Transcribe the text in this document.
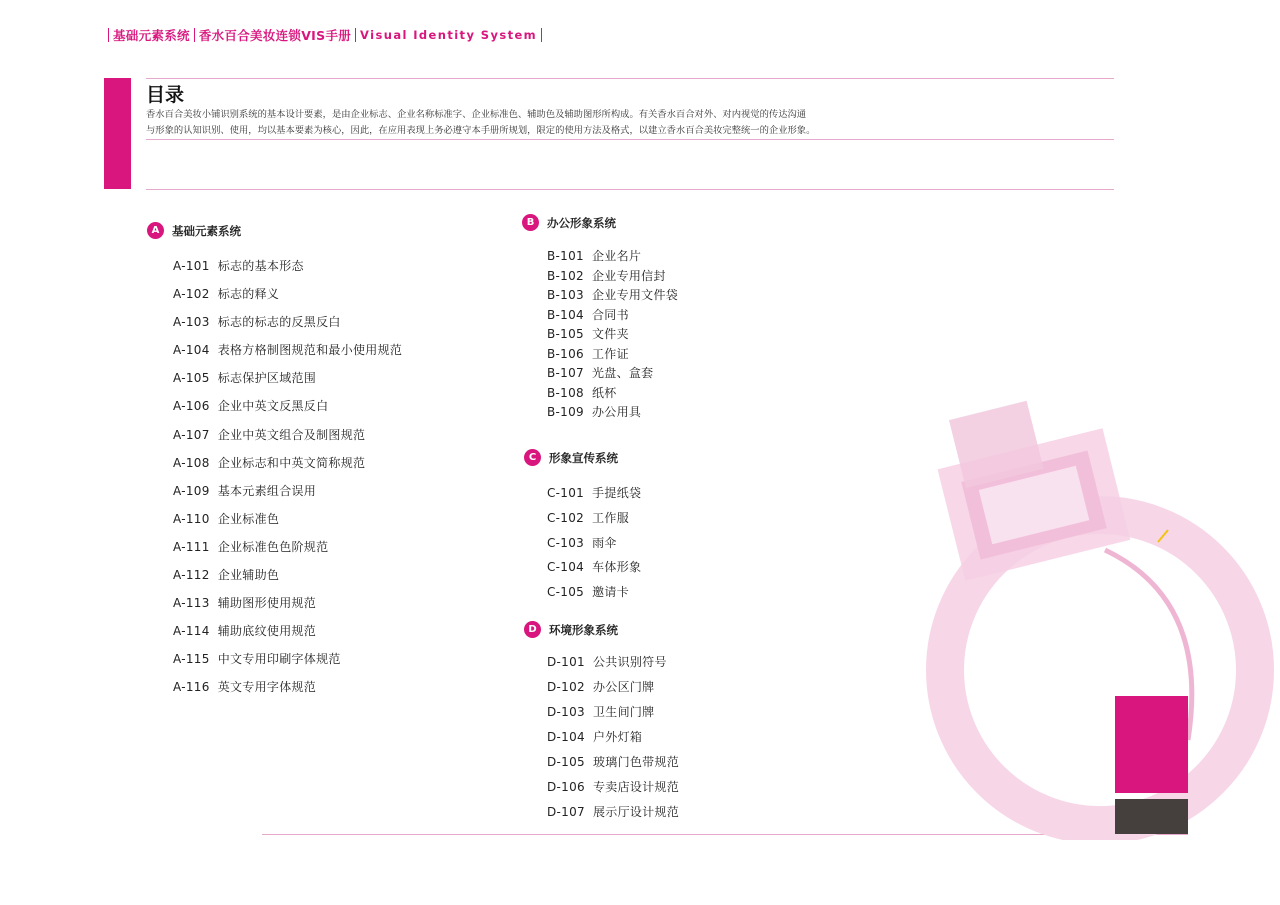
基础元素系统 香水百合美妆连锁VIS手册 Visual Identity System
目录
香水百合美妆小铺识别系统的基本设计要素，是由企业标志、企业名称标准字、企业标准色、辅助色及辅助图形所构成。有关香水百合对外、对内视觉的传达沟通
与形象的认知识别、使用，均以基本要素为核心，因此，在应用表现上务必遵守本手册所规划，限定的使用方法及格式，以建立香水百合美妆完整统一的企业形象。
A	基础元素系统
A-101 标志的基本形态
A-102 标志的释义
A-103 标志的标志的反黑反白
A-104 表格方格制图规范和最小使用规范
A-105 标志保护区域范围
A-106 企业中英文反黑反白
A-107 企业中英文组合及制图规范
A-108 企业标志和中英文简称规范
A-109 基本元素组合误用
A-110 企业标准色
A-111 企业标准色色阶规范
A-112 企业辅助色
A-113 辅助图形使用规范
A-114 辅助底纹使用规范
A-115 中文专用印刷字体规范
A-116 英文专用字体规范
B	办公形象系统
B-101 企业名片
B-102 企业专用信封
B-103 企业专用文件袋
B-104 合同书
B-105 文件夹
B-106 工作证
B-107 光盘、盒套
B-108 纸杯
B-109 办公用具
C	形象宣传系统
C-101 手提纸袋
C-102 工作服
C-103 雨伞
C-104 车体形象
C-105 邀请卡
D	环境形象系统
D-101 公共识别符号
D-102 办公区门牌
D-103 卫生间门牌
D-104 户外灯箱
D-105 玻璃门色带规范
D-106 专卖店设计规范
D-107 展示厅设计规范
